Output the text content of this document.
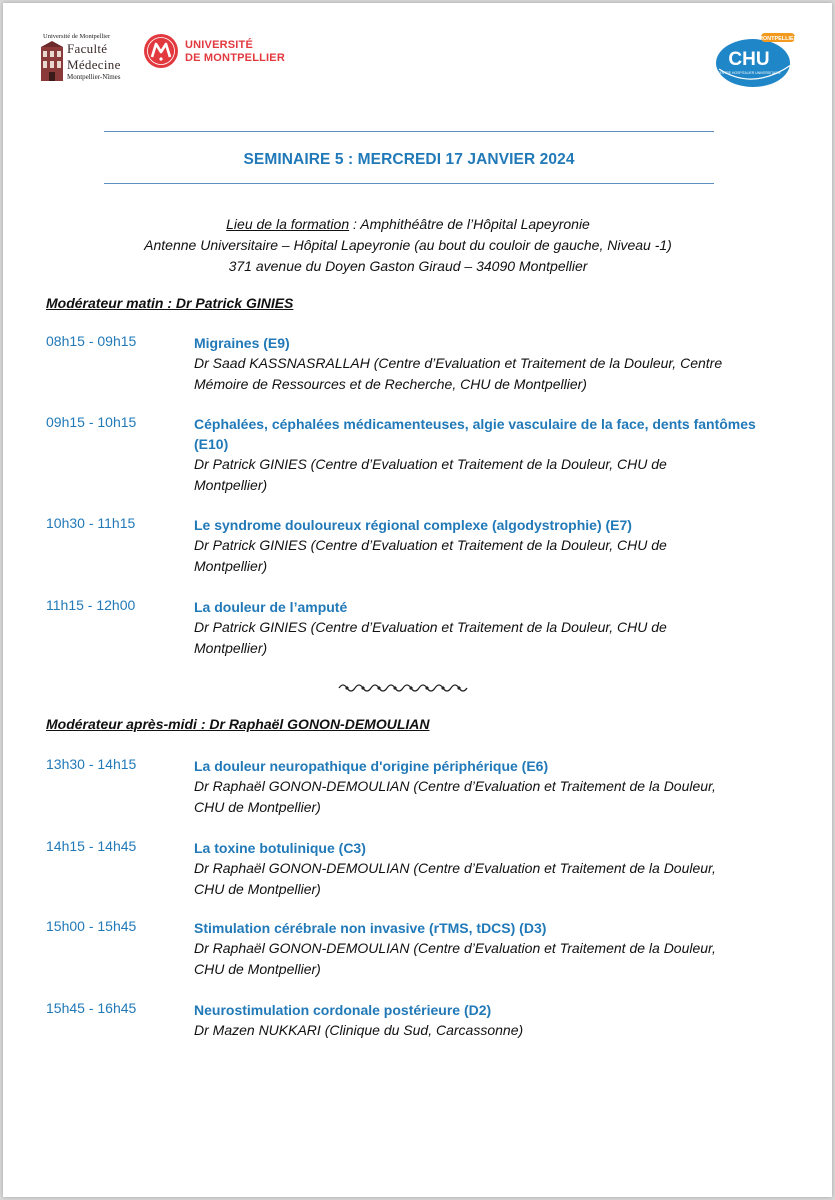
Université de Montpellier
Faculté
Médecine
Montpellier-Nîmes
UNIVERSITÉ
DE MONTPELLIER
MONTPELLIER
CHU
CENTRE HOSPITALIER UNIVERSITAIRE
SEMINAIRE 5 : MERCREDI 17 JANVIER 2024
Lieu de la formation : Amphithéâtre de l’Hôpital Lapeyronie
Antenne Universitaire – Hôpital Lapeyronie (au bout du couloir de gauche, Niveau -1)
371 avenue du Doyen Gaston Giraud – 34090 Montpellier
Modérateur matin : Dr Patrick GINIES
08h15 - 09h15	Migraines (E9)
Dr Saad KASSNASRALLAH (Centre d’Evaluation et Traitement de la Douleur, Centre
Mémoire de Ressources et de Recherche, CHU de Montpellier)
09h15 - 10h15	Céphalées, céphalées médicamenteuses, algie vasculaire de la face, dents fantômes
(E10)
Dr Patrick GINIES (Centre d’Evaluation et Traitement de la Douleur, CHU de
Montpellier)
10h30 - 11h15	Le syndrome douloureux régional complexe (algodystrophie) (E7)
Dr Patrick GINIES (Centre d’Evaluation et Traitement de la Douleur, CHU de
Montpellier)
11h15 - 12h00	La douleur de l’amputé
Dr Patrick GINIES (Centre d’Evaluation et Traitement de la Douleur, CHU de
Montpellier)
Modérateur après-midi : Dr Raphaël GONON-DEMOULIAN
13h30 - 14h15	La douleur neuropathique d'origine périphérique (E6)
Dr Raphaël GONON-DEMOULIAN (Centre d’Evaluation et Traitement de la Douleur,
CHU de Montpellier)
14h15 - 14h45	La toxine botulinique (C3)
Dr Raphaël GONON-DEMOULIAN (Centre d’Evaluation et Traitement de la Douleur,
CHU de Montpellier)
15h00 - 15h45	Stimulation cérébrale non invasive (rTMS, tDCS) (D3)
Dr Raphaël GONON-DEMOULIAN (Centre d’Evaluation et Traitement de la Douleur,
CHU de Montpellier)
15h45 - 16h45	Neurostimulation cordonale postérieure (D2)
Dr Mazen NUKKARI (Clinique du Sud, Carcassonne)
